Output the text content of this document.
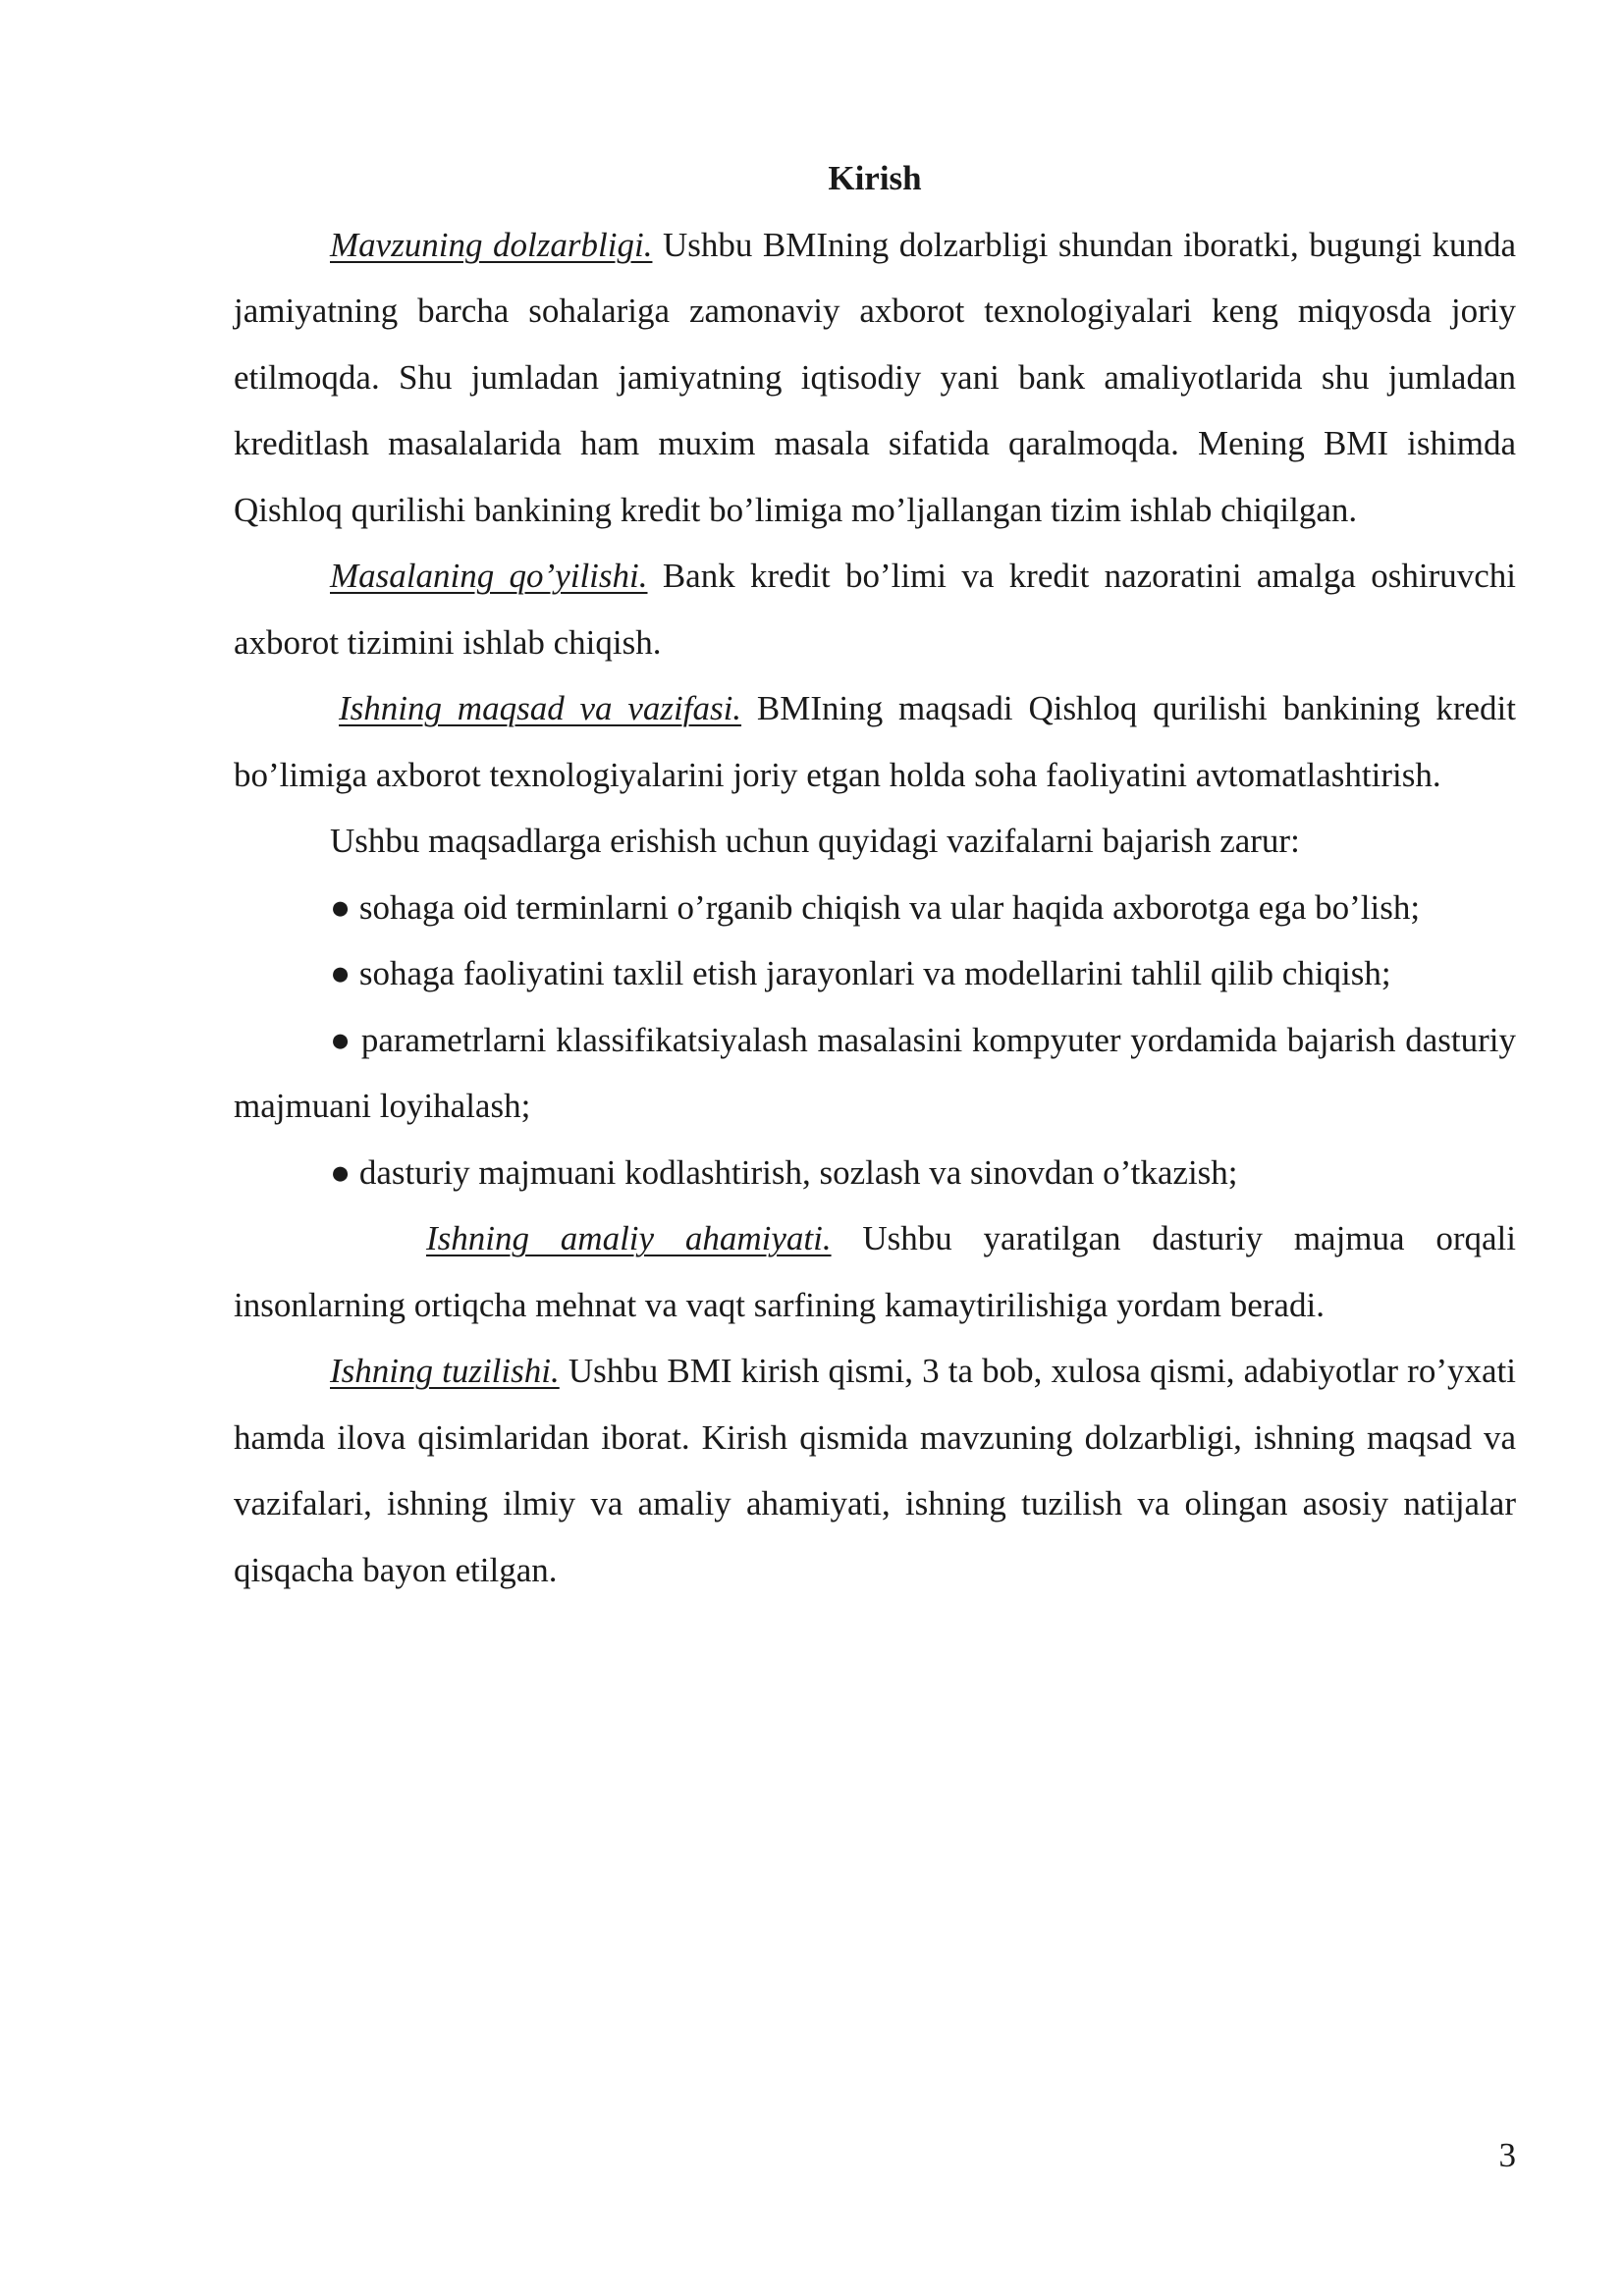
Kirish

Mavzuning dolzarbligi. Ushbu BMIning dolzarbligi shundan iboratki, bugungi kunda jamiyatning barcha sohalariga zamonaviy axborot texnologiyalari keng miqyosda joriy etilmoqda. Shu jumladan jamiyatning iqtisodiy yani bank amaliyotlarida shu jumladan kreditlash masalalarida ham muxim masala sifatida qaralmoqda. Mening BMI ishimda Qishloq qurilishi bankining kredit bo’limiga mo’ljallangan tizim ishlab chiqilgan.

Masalaning qo’yilishi. Bank kredit bo’limi va kredit nazoratini amalga oshiruvchi axborot tizimini ishlab chiqish.

Ishning maqsad va vazifasi. BMIning maqsadi Qishloq qurilishi bankining kredit bo’limiga axborot texnologiyalarini joriy etgan holda soha faoliyatini avtomatlashtirish.

Ushbu maqsadlarga erishish uchun quyidagi vazifalarni bajarish zarur:

● sohaga oid terminlarni o’rganib chiqish va ular haqida axborotga ega bo’lish;

● sohaga faoliyatini taxlil etish jarayonlari va modellarini tahlil qilib chiqish;

● parametrlarni klassifikatsiyalash masalasini kompyuter yordamida bajarish dasturiy majmuani loyihalash;

● dasturiy majmuani kodlashtirish, sozlash va sinovdan o’tkazish;

Ishning amaliy ahamiyati. Ushbu yaratilgan dasturiy majmua orqali insonlarning ortiqcha mehnat va vaqt sarfining kamaytirilishiga yordam beradi.

Ishning tuzilishi. Ushbu BMI kirish qismi, 3 ta bob, xulosa qismi, adabiyotlar ro’yxati hamda ilova qisimlaridan iborat. Kirish qismida mavzuning dolzarbligi, ishning maqsad va vazifalari, ishning ilmiy va amaliy ahamiyati, ishning tuzilish va olingan asosiy natijalar qisqacha bayon etilgan.

3
